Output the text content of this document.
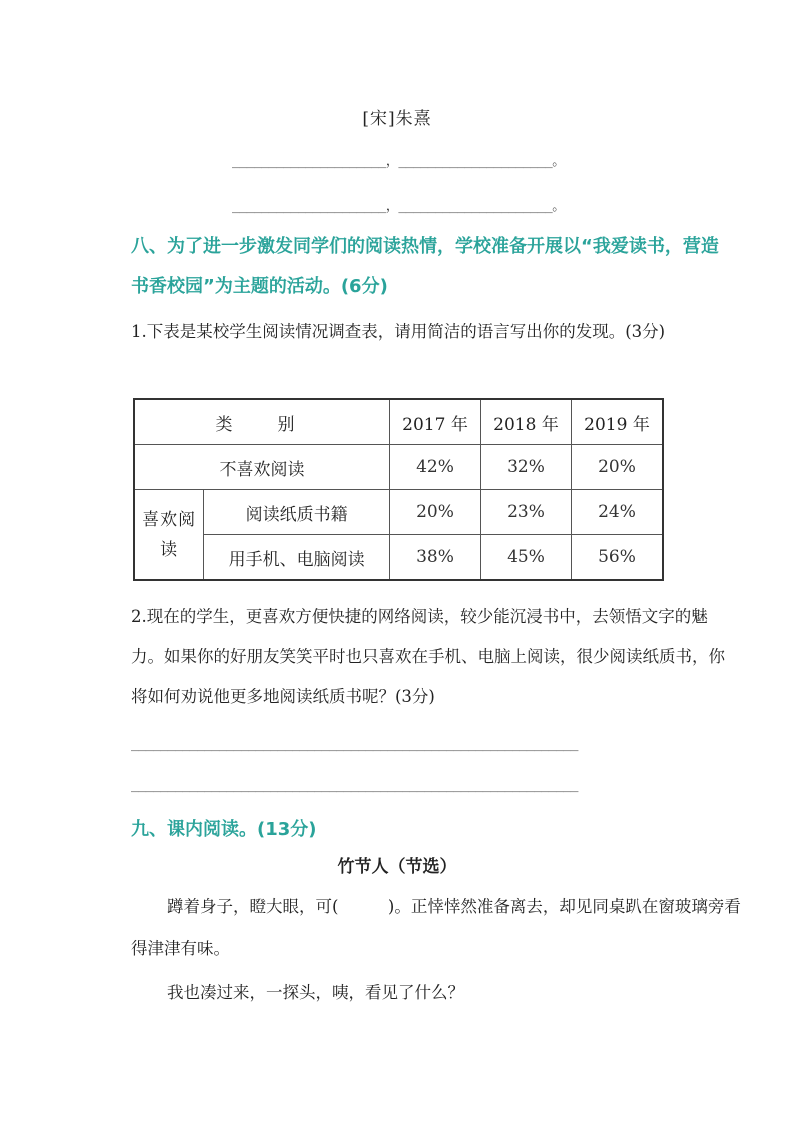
[宋]朱熹
_____________________，_____________________。
_____________________，_____________________。
八、为了进一步激发同学们的阅读热情，学校准备开展以“我爱读书，营造
书香校园”为主题的活动。(6分)
1.下表是某校学生阅读情况调查表，请用简洁的语言写出你的发现。(3分)
类　别		2017 年	2018 年	2019 年
不喜欢阅读		42%	32%	20%
喜欢阅读	阅读纸质书籍	20%	23%	24%
	用手机、电脑阅读	38%	45%	56%
2.现在的学生，更喜欢方便快捷的网络阅读，较少能沉浸书中，去领悟文字的魅力。如果你的好朋友笑笑平时也只喜欢在手机、电脑上阅读，很少阅读纸质书，你将如何劝说他更多地阅读纸质书呢？(3分)
_____________________________________________________________
_____________________________________________________________
九、课内阅读。(13分)
竹节人（节选）
蹲着身子，瞪大眼，可(　　　)。正悻悻然准备离去，却见同桌趴在窗玻璃旁看得津津有味。
我也凑过来，一探头，咦，看见了什么？
